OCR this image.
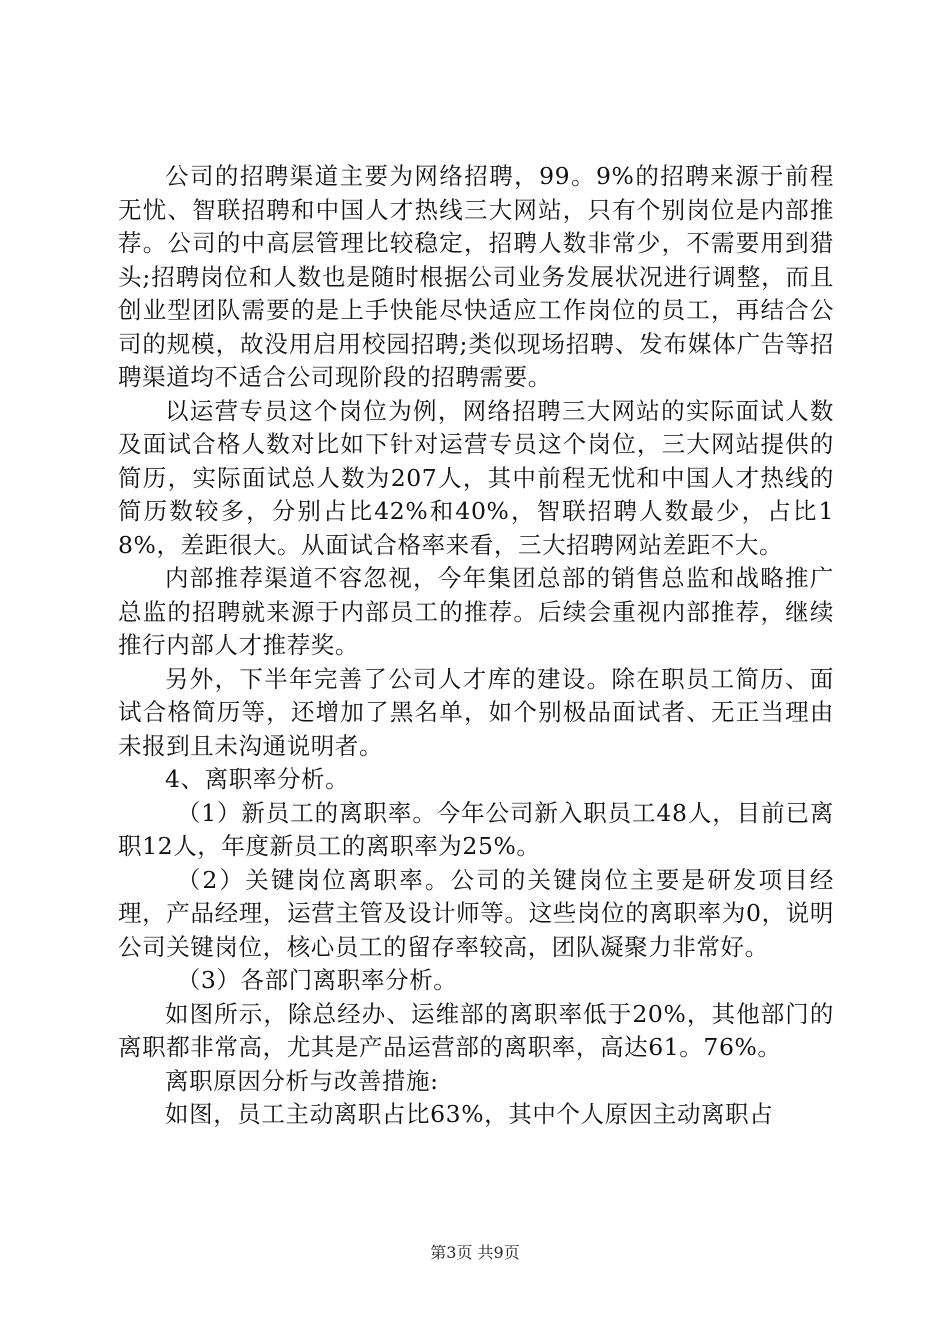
公司的招聘渠道主要为网络招聘，99。9%的招聘来源于前程无忧、智联招聘和中国人才热线三大网站，只有个别岗位是内部推荐。公司的中高层管理比较稳定，招聘人数非常少，不需要用到猎头;招聘岗位和人数也是随时根据公司业务发展状况进行调整，而且创业型团队需要的是上手快能尽快适应工作岗位的员工，再结合公司的规模，故没用启用校园招聘;类似现场招聘、发布媒体广告等招聘渠道均不适合公司现阶段的招聘需要。

以运营专员这个岗位为例，网络招聘三大网站的实际面试人数及面试合格人数对比如下针对运营专员这个岗位，三大网站提供的简历，实际面试总人数为207人，其中前程无忧和中国人才热线的简历数较多，分别占比42%和40%，智联招聘人数最少，占比18%，差距很大。从面试合格率来看，三大招聘网站差距不大。

内部推荐渠道不容忽视，今年集团总部的销售总监和战略推广总监的招聘就来源于内部员工的推荐。后续会重视内部推荐，继续推行内部人才推荐奖。

另外，下半年完善了公司人才库的建设。除在职员工简历、面试合格简历等，还增加了黑名单，如个别极品面试者、无正当理由未报到且未沟通说明者。

4、离职率分析。

（1）新员工的离职率。今年公司新入职员工48人，目前已离职12人，年度新员工的离职率为25%。

（2）关键岗位离职率。公司的关键岗位主要是研发项目经理，产品经理，运营主管及设计师等。这些岗位的离职率为0，说明公司关键岗位，核心员工的留存率较高，团队凝聚力非常好。

（3）各部门离职率分析。

如图所示，除总经办、运维部的离职率低于20%，其他部门的离职都非常高，尤其是产品运营部的离职率，高达61。76%。

离职原因分析与改善措施:

如图，员工主动离职占比63%，其中个人原因主动离职占

第3页 共9页
